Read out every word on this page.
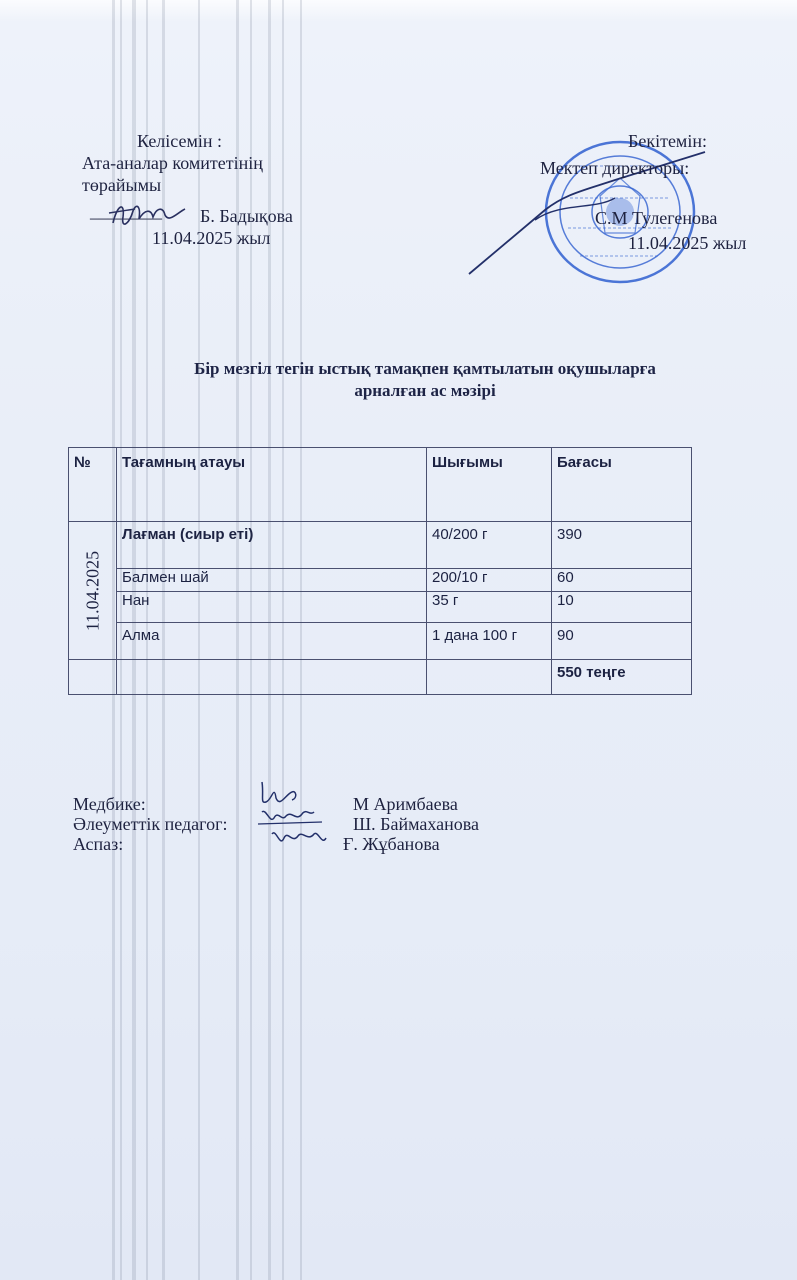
Келісемін :
Ата-аналар комитетінің
төрайымы
________ Б. Бадықова
11.04.2025 жыл
Бекітемін:
Мектеп директоры:
С.М Тулегенова
11.04.2025 жыл
Бір мезгіл тегін ыстық тамақпен қамтылатын оқушыларға
арналған ас мәзірі
№	Тағамның атауы	Шығымы	Бағасы

11.04.2025	Лағман (сиыр еті)	40/200 г	390
	Балмен шай	200/10 г	60
	Нан	35 г	10
	Алма	1 дана 100 г	90
			550 теңге
Медбике:	М Аримбаева
Әлеуметтік педагог:	Ш. Баймаханова
Аспаз:	Ғ. Жұбанова
